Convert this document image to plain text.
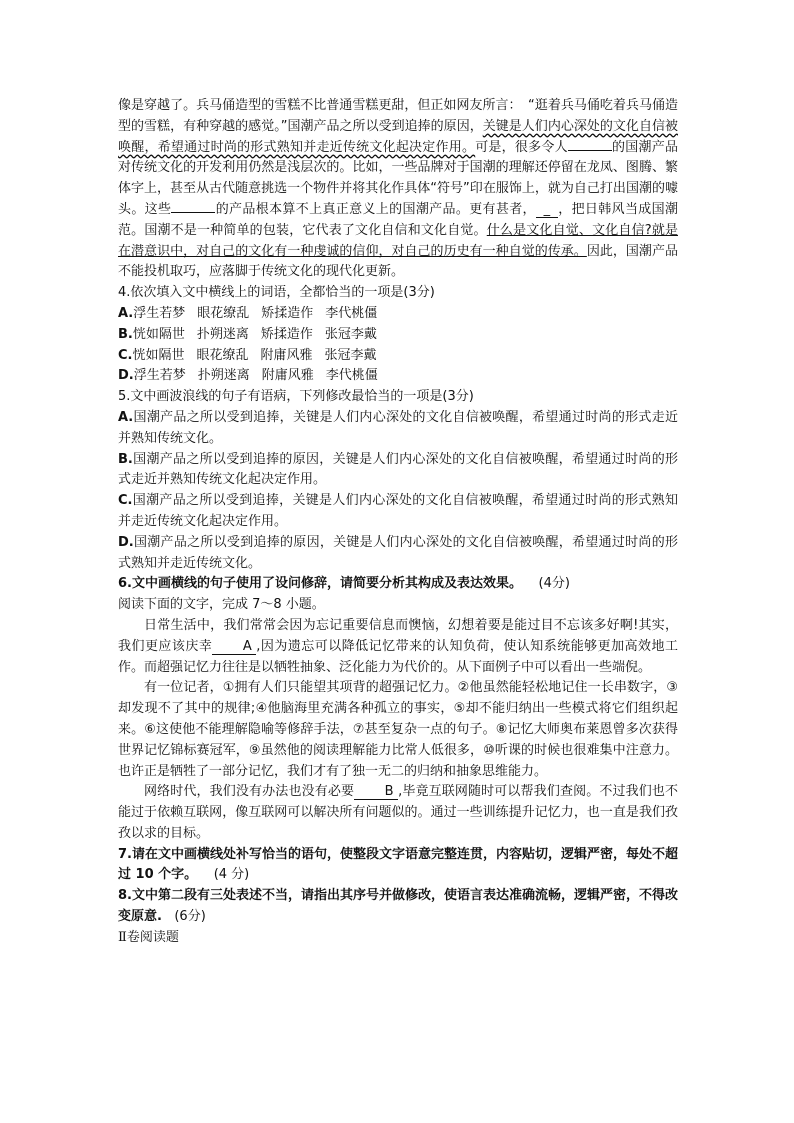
像是穿越了。兵马俑造型的雪糕不比普通雪糕更甜，但正如网友所言：　“逛着兵马俑吃着兵马俑造型的雪糕，有种穿越的感觉。”国潮产品之所以受到追捧的原因，关键是人们内心深处的文化自信被唤醒，希望通过时尚的形式熟知并走近传统文化起决定作用。可是，很多令人	的国潮产品对传统文化的开发利用仍然是浅层次的。比如，一些品牌对于国潮的理解还停留在龙凤、图腾、繁体字上，甚至从古代随意挑选一个物件并将其化作具体“符号”印在服饰上，就为自己打出国潮的噱头。这些	的产品根本算不上真正意义上的国潮产品。更有甚者， _ ，把日韩风当成国潮范。国潮不是一种简单的包装，它代表了文化自信和文化自觉。什么是文化自觉、文化自信?就是在潜意识中，对自己的文化有一种虔诚的信仰，对自己的历史有一种自觉的传承。因此，国潮产品不能投机取巧，应落脚于传统文化的现代化更新。

4.依次填入文中横线上的词语，全都恰当的一项是(3分)

A.浮生若梦 眼花缭乱 矫揉造作 李代桃僵

B.恍如隔世 扑朔迷离 矫揉造作 张冠李戴

C.恍如隔世 眼花缭乱 附庸风雅 张冠李戴

D.浮生若梦 扑朔迷离 附庸风雅 李代桃僵

5.文中画波浪线的句子有语病，下列修改最恰当的一项是(3分)

A.国潮产品之所以受到追捧，关键是人们内心深处的文化自信被唤醒，希望通过时尚的形式走近并熟知传统文化。

B.国潮产品之所以受到追捧的原因，关键是人们内心深处的文化自信被唤醒，希望通过时尚的形式走近并熟知传统文化起决定作用。

C.国潮产品之所以受到追捧，关键是人们内心深处的文化自信被唤醒，希望通过时尚的形式熟知并走近传统文化起决定作用。

D.国潮产品之所以受到追捧的原因，关键是人们内心深处的文化自信被唤醒，希望通过时尚的形式熟知并走近传统文化。

6.文中画横线的句子使用了设问修辞，请简要分析其构成及表达效果。 (4分)

阅读下面的文字，完成 7～8 小题。

日常生活中，我们常常会因为忘记重要信息而懊恼，幻想着要是能过目不忘该多好啊!其实，我们更应该庆幸 A ,因为遗忘可以降低记忆带来的认知负荷，使认知系统能够更加高效地工作。而超强记忆力往往是以牺牲抽象、泛化能力为代价的。从下面例子中可以看出一些端倪。

有一位记者，①拥有人们只能望其项背的超强记忆力。②他虽然能轻松地记住一长串数字，③却发现不了其中的规律;④他脑海里充满各种孤立的事实，⑤却不能归纳出一些模式将它们组织起来。⑥这使他不能理解隐喻等修辞手法，⑦甚至复杂一点的句子。⑧记忆大师奥布莱恩曾多次获得世界记忆锦标赛冠军，⑨虽然他的阅读理解能力比常人低很多，⑩听课的时候也很难集中注意力。也许正是牺牲了一部分记忆，我们才有了独一无二的归纳和抽象思维能力。

网络时代，我们没有办法也没有必要 B ,毕竟互联网随时可以帮我们查阅。不过我们也不能过于依赖互联网，像互联网可以解决所有问题似的。通过一些训练提升记忆力，也一直是我们孜孜以求的目标。

7.请在文中画横线处补写恰当的语句，使整段文字语意完整连贯，内容贴切，逻辑严密，每处不超过 10 个字。 (4 分)

8.文中第二段有三处表述不当，请指出其序号并做修改，使语言表达准确流畅，逻辑严密，不得改变原意. (6分)

Ⅱ卷阅读题
